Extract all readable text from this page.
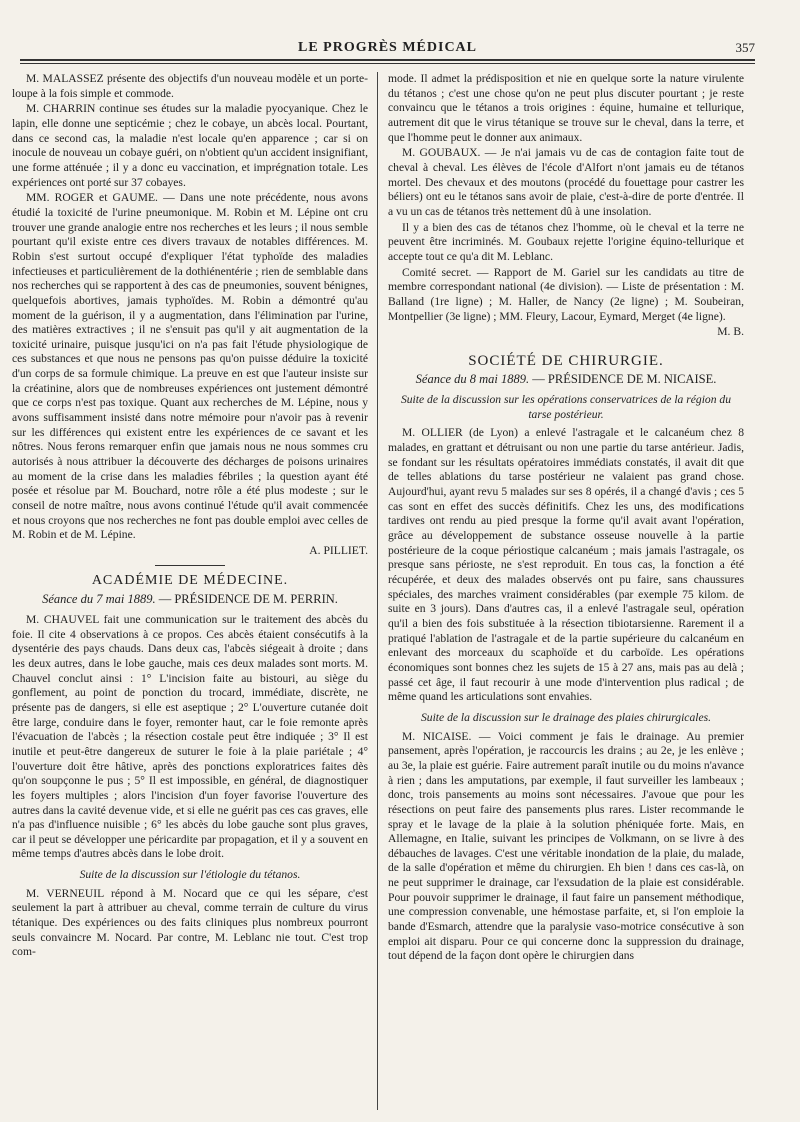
LE PROGRÈS MÉDICAL	357

M. MALASSEZ présente des objectifs d'un nouveau modèle et un porte-loupe à la fois simple et commode.

M. CHARRIN continue ses études sur la maladie pyocyanique. Chez le lapin, elle donne une septicémie ; chez le cobaye, un abcès local. Pourtant, dans ce second cas, la maladie n'est locale qu'en apparence ; car si on inocule de nouveau un cobaye guéri, on n'obtient qu'un accident insignifiant, une forme atténuée ; il y a donc eu vaccination, et imprégnation totale. Les expériences ont porté sur 37 cobayes.

MM. ROGER et GAUME. — Dans une note précédente, nous avons étudié la toxicité de l'urine pneumonique. M. Robin et M. Lépine ont cru trouver une grande analogie entre nos recherches et les leurs ; il nous semble pourtant qu'il existe entre ces divers travaux de notables différences. M. Robin s'est surtout occupé d'expliquer l'état typhoïde des maladies infectieuses et particulièrement de la dothiénentérie ; rien de semblable dans nos recherches qui se rapportent à des cas de pneumonies, souvent bénignes, quelquefois abortives, jamais typhoïdes. M. Robin a démontré qu'au moment de la guérison, il y a augmentation, dans l'élimination par l'urine, des matières extractives ; il ne s'ensuit pas qu'il y ait augmentation de la toxicité urinaire, puisque jusqu'ici on n'a pas fait l'étude physiologique de ces substances et que nous ne pensons pas qu'on puisse déduire la toxicité d'un corps de sa formule chimique. La preuve en est que l'auteur insiste sur la créatinine, alors que de nombreuses expériences ont justement démontré que ce corps n'est pas toxique. Quant aux recherches de M. Lépine, nous y avons suffisamment insisté dans notre mémoire pour n'avoir pas à revenir sur les différences qui existent entre les expériences de ce savant et les nôtres. Nous ferons remarquer enfin que jamais nous ne nous sommes cru autorisés à nous attribuer la découverte des décharges de poisons urinaires au moment de la crise dans les maladies fébriles ; la question ayant été posée et résolue par M. Bouchard, notre rôle a été plus modeste ; sur le conseil de notre maître, nous avons continué l'étude qu'il avait commencée et nous croyons que nos recherches ne font pas double emploi avec celles de M. Robin et de M. Lépine.

A. PILLIET.
ACADÉMIE DE MÉDECINE.
Séance du 7 mai 1889. — PRÉSIDENCE DE M. PERRIN.

M. CHAUVEL fait une communication sur le traitement des abcès du foie. Il cite 4 observations à ce propos. Ces abcès étaient consécutifs à la dysentérie des pays chauds. Dans deux cas, l'abcès siégeait à droite ; dans les deux autres, dans le lobe gauche, mais ces deux malades sont morts. M. Chauvel conclut ainsi : 1° L'incision faite au bistouri, au siège du gonflement, au point de ponction du trocard, immédiate, discrète, ne présente pas de dangers, si elle est aseptique ; 2° L'ouverture cutanée doit être large, conduire dans le foyer, remonter haut, car le foie remonte après l'évacuation de l'abcès ; la résection costale peut être indiquée ; 3° Il est inutile et peut-être dangereux de suturer le foie à la plaie pariétale ; 4° l'ouverture doit être hâtive, après des ponctions exploratrices faites dès qu'on soupçonne le pus ; 5° Il est impossible, en général, de diagnostiquer les foyers multiples ; alors l'incision d'un foyer favorise l'ouverture des autres dans la cavité devenue vide, et si elle ne guérit pas ces cas graves, elle n'a pas d'influence nuisible ; 6° les abcès du lobe gauche sont plus graves, car il peut se développer une péricardite par propagation, et il y a souvent en même temps d'autres abcès dans le lobe droit.

Suite de la discussion sur l'étiologie du tétanos.

M. VERNEUIL répond à M. Nocard que ce qui les sépare, c'est seulement la part à attribuer au cheval, comme terrain de culture du virus tétanique. Des expériences ou des faits cliniques plus nombreux pourront seuls convaincre M. Nocard. Par contre, M. Leblanc nie tout. C'est trop com-

mode. Il admet la prédisposition et nie en quelque sorte la nature virulente du tétanos ; c'est une chose qu'on ne peut plus discuter pourtant ; je reste convaincu que le tétanos a trois origines : équine, humaine et tellurique, autrement dit que le virus tétanique se trouve sur le cheval, dans la terre, et que l'homme peut le donner aux animaux.

M. GOUBAUX. — Je n'ai jamais vu de cas de contagion faite tout de cheval à cheval. Les élèves de l'école d'Alfort n'ont jamais eu de tétanos mortel. Des chevaux et des moutons (procédé du fouettage pour castrer les béliers) ont eu le tétanos sans avoir de plaie, c'est-à-dire de porte d'entrée. Il a vu un cas de tétanos très nettement dû à une insolation.

Il y a bien des cas de tétanos chez l'homme, où le cheval et la terre ne peuvent être incriminés. M. Goubaux rejette l'origine équino-tellurique et accepte tout ce qu'a dit M. Leblanc.

Comité secret. — Rapport de M. Gariel sur les candidats au titre de membre correspondant national (4e division). — Liste de présentation : M. Balland (1re ligne) ; M. Haller, de Nancy (2e ligne) ; M. Soubeiran, Montpellier (3e ligne) ; MM. Fleury, Lacour, Eymard, Merget (4e ligne).

M. B.
SOCIÉTÉ DE CHIRURGIE.
Séance du 8 mai 1889. — PRÉSIDENCE DE M. NICAISE.
Suite de la discussion sur les opérations conservatrices de la région du tarse postérieur.

M. OLLIER (de Lyon) a enlevé l'astragale et le calcanéum chez 8 malades, en grattant et détruisant ou non une partie du tarse antérieur. Jadis, se fondant sur les résultats opératoires immédiats constatés, il avait dit que de telles ablations du tarse postérieur ne valaient pas grand chose. Aujourd'hui, ayant revu 5 malades sur ses 8 opérés, il a changé d'avis ; ces 5 cas sont en effet des succès définitifs. Chez les uns, des modifications tardives ont rendu au pied presque la forme qu'il avait avant l'opération, grâce au développement de substance osseuse nouvelle à la partie postérieure de la coque périostique calcanéum ; mais jamais l'astragale, os presque sans périoste, ne s'est reproduit. En tous cas, la fonction a été récupérée, et deux des malades observés ont pu faire, sans chaussures spéciales, des marches vraiment considérables (par exemple 75 kilom. de suite en 3 jours). Dans d'autres cas, il a enlevé l'astragale seul, opération qu'il a bien des fois substituée à la résection tibiotarsienne. Rarement il a pratiqué l'ablation de l'astragale et de la partie supérieure du calcanéum en enlevant des morceaux du scaphoïde et du carboïde. Les opérations économiques sont bonnes chez les sujets de 15 à 27 ans, mais pas au delà ; passé cet âge, il faut recourir à une mode d'intervention plus radical ; de même quand les articulations sont envahies.

Suite de la discussion sur le drainage des plaies chirurgicales.

M. NICAISE. — Voici comment je fais le drainage. Au premier pansement, après l'opération, je raccourcis les drains ; au 2e, je les enlève ; au 3e, la plaie est guérie. Faire autrement paraît inutile ou du moins n'avance à rien ; dans les amputations, par exemple, il faut surveiller les lambeaux ; donc, trois pansements au moins sont nécessaires. J'avoue que pour les résections on peut faire des pansements plus rares. Lister recommande le spray et le lavage de la plaie à la solution phéniquée forte. Mais, en Allemagne, en Italie, suivant les principes de Volkmann, on se livre à des débauches de lavages. C'est une véritable inondation de la plaie, du malade, de la salle d'opération et même du chirurgien. Eh bien ! dans ces cas-là, on ne peut supprimer le drainage, car l'exsudation de la plaie est considérable. Pour pouvoir supprimer le drainage, il faut faire un pansement méthodique, une compression convenable, une hémostase parfaite, et, si l'on emploie la bande d'Esmarch, attendre que la paralysie vaso-motrice consécutive à son emploi ait disparu. Pour ce qui concerne donc la suppression du drainage, tout dépend de la façon dont opère le chirurgien dans
